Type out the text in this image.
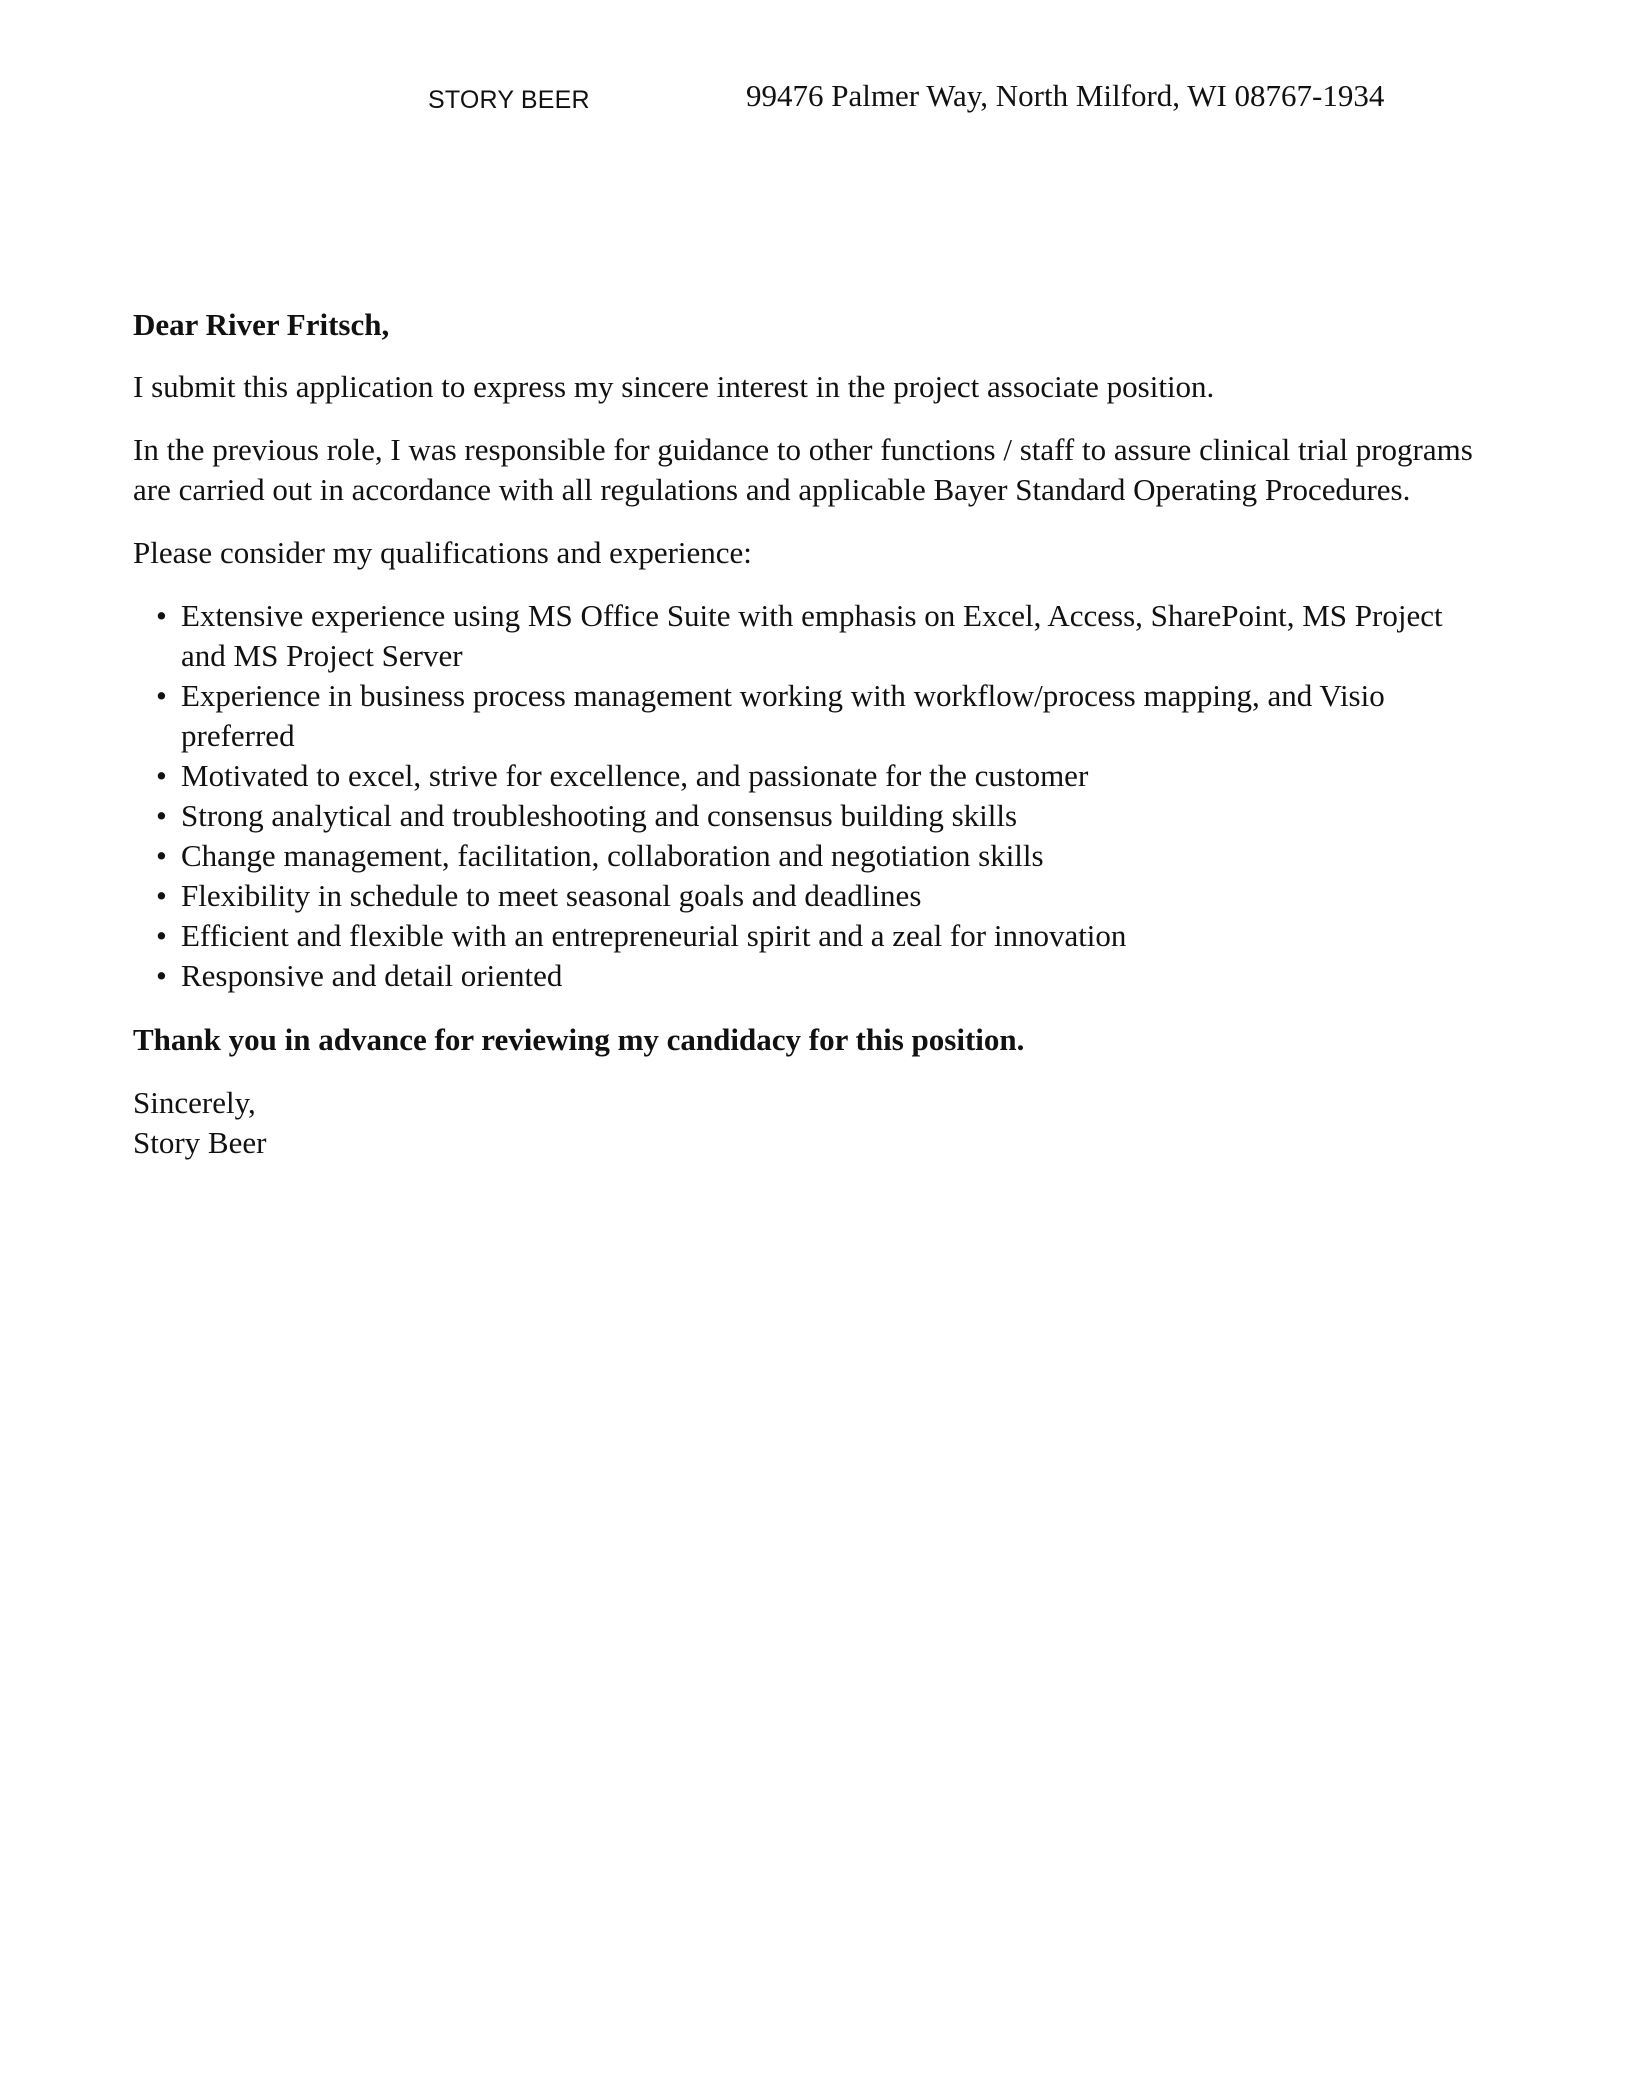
STORY BEER	99476 Palmer Way, North Milford, WI 08767-1934

Dear River Fritsch,

I submit this application to express my sincere interest in the project associate position.

In the previous role, I was responsible for guidance to other functions / staff to assure clinical trial programs are carried out in accordance with all regulations and applicable Bayer Standard Operating Procedures.

Please consider my qualifications and experience:

• Extensive experience using MS Office Suite with emphasis on Excel, Access, SharePoint, MS Project and MS Project Server
• Experience in business process management working with workflow/process mapping, and Visio preferred
• Motivated to excel, strive for excellence, and passionate for the customer
• Strong analytical and troubleshooting and consensus building skills
• Change management, facilitation, collaboration and negotiation skills
• Flexibility in schedule to meet seasonal goals and deadlines
• Efficient and flexible with an entrepreneurial spirit and a zeal for innovation
• Responsive and detail oriented

Thank you in advance for reviewing my candidacy for this position.

Sincerely,

Story Beer
